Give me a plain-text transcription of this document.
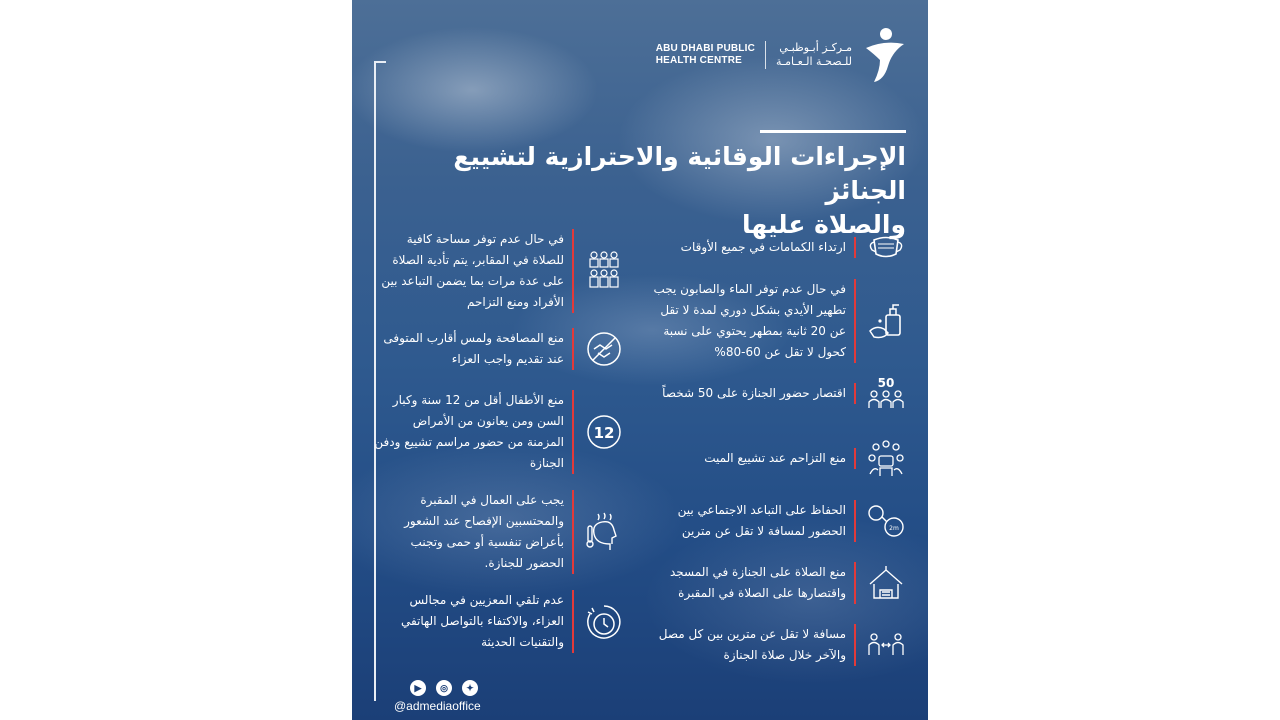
ABU DHABI PUBLIC
HEALTH CENTRE
مـركـز أبـوظبـي
للـصحـة الـعـامـة
الإجراءات الوقائية والاحترازية لتشييع الجنائز
والصلاة عليها
ارتداء الكمامات في جميع الأوقات
في حال عدم توفر الماء والصابون يجب تطهير الأيدي بشكل دوري لمدة لا تقل عن 20 ثانية بمطهر يحتوي على نسبة كحول لا تقل عن 60-80%
50
اقتصار حضور الجنازة على 50 شخصاً
منع التزاحم عند تشييع الميت
2m
الحفاظ على التباعد الاجتماعي بين الحضور لمسافة لا تقل عن مترين
منع الصلاة على الجنازة في المسجد واقتصارها على الصلاة في المقبرة
مسافة لا تقل عن مترين بين كل مصل والآخر خلال صلاة الجنازة
في حال عدم توفر مساحة كافية للصلاة في المقابر، يتم تأدية الصلاة على عدة مرات بما يضمن التباعد بين الأفراد ومنع التزاحم
منع المصافحة ولمس أقارب المتوفى عند تقديم واجب العزاء
12
منع الأطفال أقل من 12 سنة وكبار السن ومن يعانون من الأمراض المزمنة من حضور مراسم تشييع ودفن الجنازة
يجب على العمال في المقبرة والمحتسبين الإفصاح عند الشعور بأعراض تنفسية أو حمى وتجنب الحضور للجنازة.
عدم تلقي المعزيين في مجالس العزاء، والاكتفاء بالتواصل الهاتفي والتقنيات الحديثة
▶	◎	✦
@admediaoffice
